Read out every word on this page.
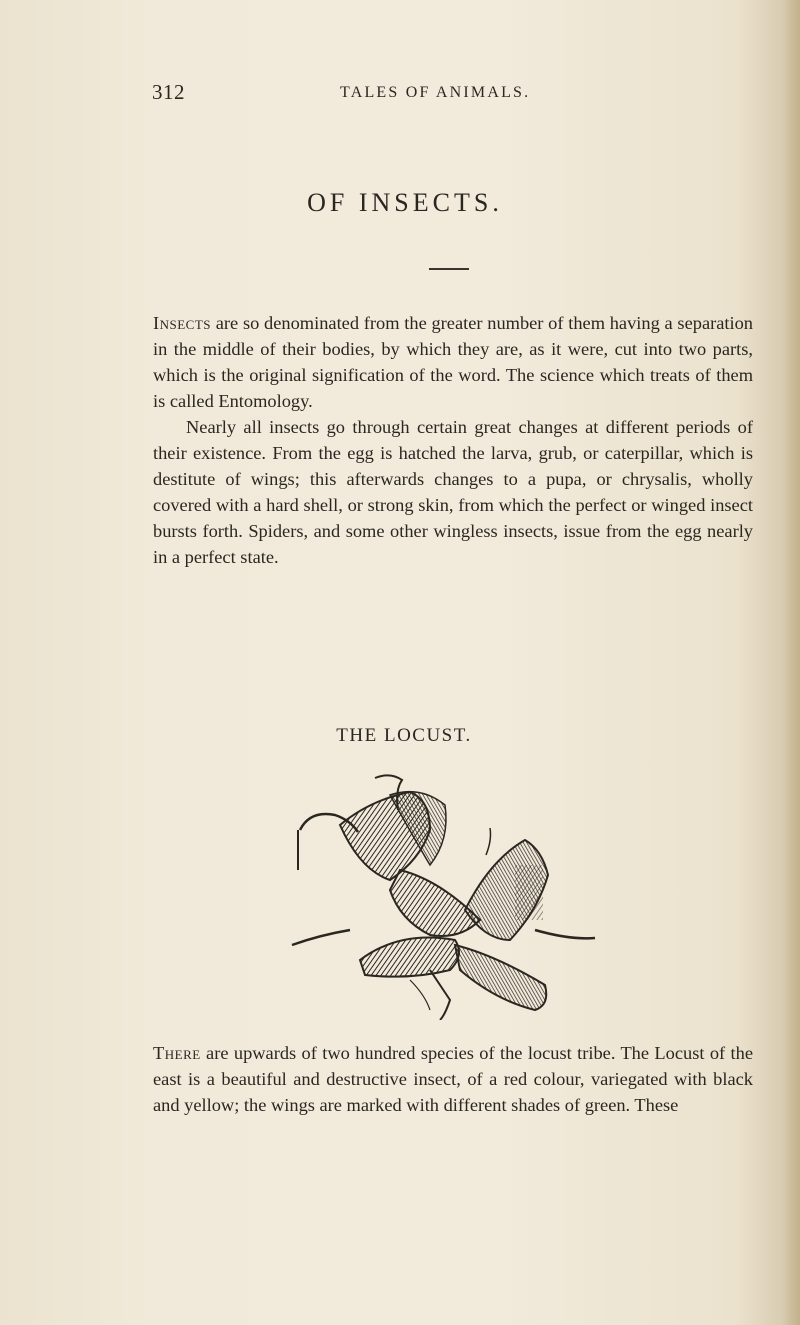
312	TALES OF ANIMALS.
OF INSECTS.

Insects are so denominated from the greater number of them having a separation in the middle of their bodies, by which they are, as it were, cut into two parts, which is the original signification of the word. The science which treats of them is called Entomology.

Nearly all insects go through certain great changes at different periods of their existence. From the egg is hatched the larva, grub, or caterpillar, which is destitute of wings; this afterwards changes to a pupa, or chrysalis, wholly covered with a hard shell, or strong skin, from which the perfect or winged insect bursts forth. Spiders, and some other wingless insects, issue from the egg nearly in a perfect state.

THE LOCUST.

There are upwards of two hundred species of the locust tribe. The Locust of the east is a beautiful and destructive insect, of a red colour, variegated with black and yellow; the wings are marked with different shades of green. These
